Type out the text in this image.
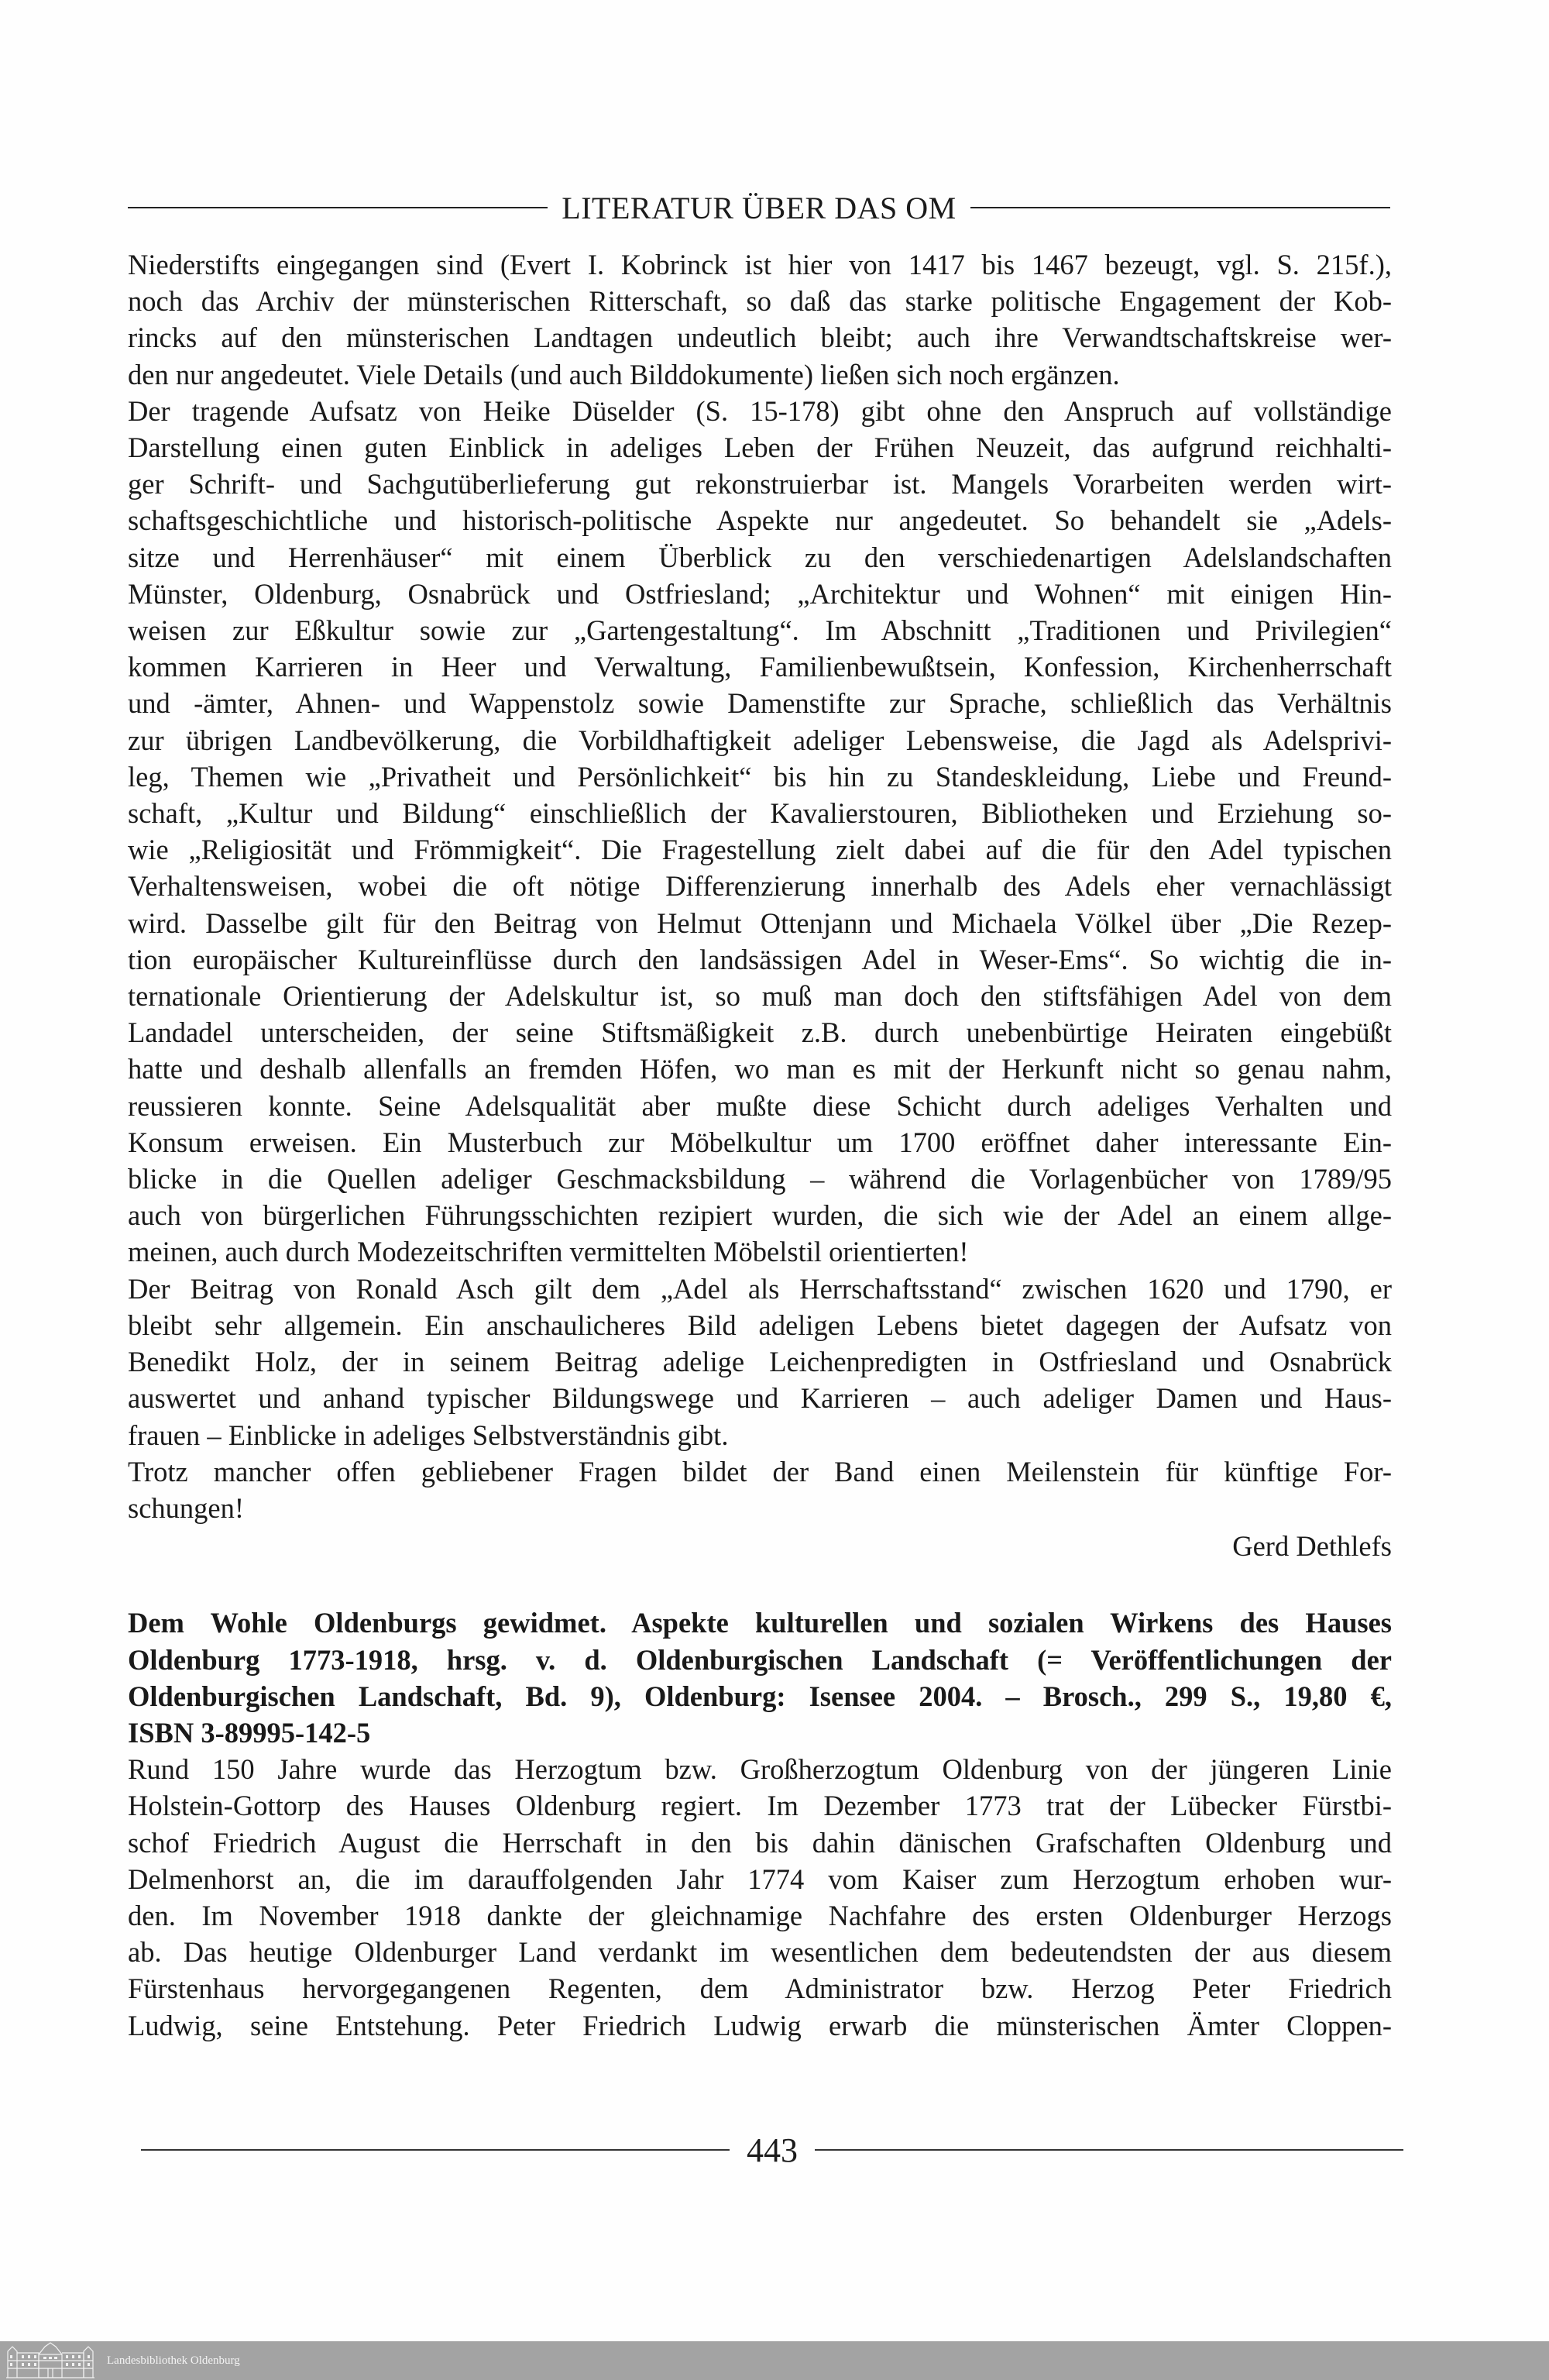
LITERATUR ÜBER DAS OM
Niederstifts eingegangen sind (Evert I. Kobrinck ist hier von 1417 bis 1467 bezeugt, vgl. S. 215f.),
noch das Archiv der münsterischen Ritterschaft, so daß das starke politische Engagement der Kob-
rincks auf den münsterischen Landtagen undeutlich bleibt; auch ihre Verwandtschaftskreise wer-
den nur angedeutet. Viele Details (und auch Bilddokumente) ließen sich noch ergänzen.
Der tragende Aufsatz von Heike Düselder (S. 15-178) gibt ohne den Anspruch auf vollständige
Darstellung einen guten Einblick in adeliges Leben der Frühen Neuzeit, das aufgrund reichhalti-
ger Schrift- und Sachgutüberlieferung gut rekonstruierbar ist. Mangels Vorarbeiten werden wirt-
schaftsgeschichtliche und historisch-politische Aspekte nur angedeutet. So behandelt sie „Adels-
sitze und Herrenhäuser“ mit einem Überblick zu den verschiedenartigen Adelslandschaften
Münster, Oldenburg, Osnabrück und Ostfriesland; „Architektur und Wohnen“ mit einigen Hin-
weisen zur Eßkultur sowie zur „Gartengestaltung“. Im Abschnitt „Traditionen und Privilegien“
kommen Karrieren in Heer und Verwaltung, Familienbewußtsein, Konfession, Kirchenherrschaft
und -ämter, Ahnen- und Wappenstolz sowie Damenstifte zur Sprache, schließlich das Verhältnis
zur übrigen Landbevölkerung, die Vorbildhaftigkeit adeliger Lebensweise, die Jagd als Adelsprivi-
leg, Themen wie „Privatheit und Persönlichkeit“ bis hin zu Standeskleidung, Liebe und Freund-
schaft, „Kultur und Bildung“ einschließlich der Kavalierstouren, Bibliotheken und Erziehung so-
wie „Religiosität und Frömmigkeit“. Die Fragestellung zielt dabei auf die für den Adel typischen
Verhaltensweisen, wobei die oft nötige Differenzierung innerhalb des Adels eher vernachlässigt
wird. Dasselbe gilt für den Beitrag von Helmut Ottenjann und Michaela Völkel über „Die Rezep-
tion europäischer Kultureinflüsse durch den landsässigen Adel in Weser-Ems“. So wichtig die in-
ternationale Orientierung der Adelskultur ist, so muß man doch den stiftsfähigen Adel von dem
Landadel unterscheiden, der seine Stiftsmäßigkeit z.B. durch unebenbürtige Heiraten eingebüßt
hatte und deshalb allenfalls an fremden Höfen, wo man es mit der Herkunft nicht so genau nahm,
reussieren konnte. Seine Adelsqualität aber mußte diese Schicht durch adeliges Verhalten und
Konsum erweisen. Ein Musterbuch zur Möbelkultur um 1700 eröffnet daher interessante Ein-
blicke in die Quellen adeliger Geschmacksbildung – während die Vorlagenbücher von 1789/95
auch von bürgerlichen Führungsschichten rezipiert wurden, die sich wie der Adel an einem allge-
meinen, auch durch Modezeitschriften vermittelten Möbelstil orientierten!
Der Beitrag von Ronald Asch gilt dem „Adel als Herrschaftsstand“ zwischen 1620 und 1790, er
bleibt sehr allgemein. Ein anschaulicheres Bild adeligen Lebens bietet dagegen der Aufsatz von
Benedikt Holz, der in seinem Beitrag adelige Leichenpredigten in Ostfriesland und Osnabrück
auswertet und anhand typischer Bildungswege und Karrieren – auch adeliger Damen und Haus-
frauen – Einblicke in adeliges Selbstverständnis gibt.
Trotz mancher offen gebliebener Fragen bildet der Band einen Meilenstein für künftige For-
schungen!
Gerd Dethlefs
Dem Wohle Oldenburgs gewidmet. Aspekte kulturellen und sozialen Wirkens des Hauses
Oldenburg 1773-1918, hrsg. v. d. Oldenburgischen Landschaft (= Veröffentlichungen der
Oldenburgischen Landschaft, Bd. 9), Oldenburg: Isensee 2004. – Brosch., 299 S., 19,80 €,
ISBN 3-89995-142-5
Rund 150 Jahre wurde das Herzogtum bzw. Großherzogtum Oldenburg von der jüngeren Linie
Holstein-Gottorp des Hauses Oldenburg regiert. Im Dezember 1773 trat der Lübecker Fürstbi-
schof Friedrich August die Herrschaft in den bis dahin dänischen Grafschaften Oldenburg und
Delmenhorst an, die im darauffolgenden Jahr 1774 vom Kaiser zum Herzogtum erhoben wur-
den. Im November 1918 dankte der gleichnamige Nachfahre des ersten Oldenburger Herzogs
ab. Das heutige Oldenburger Land verdankt im wesentlichen dem bedeutendsten der aus diesem
Fürstenhaus hervorgegangenen Regenten, dem Administrator bzw. Herzog Peter Friedrich
Ludwig, seine Entstehung. Peter Friedrich Ludwig erwarb die münsterischen Ämter Cloppen-
443
Landesbibliothek Oldenburg
